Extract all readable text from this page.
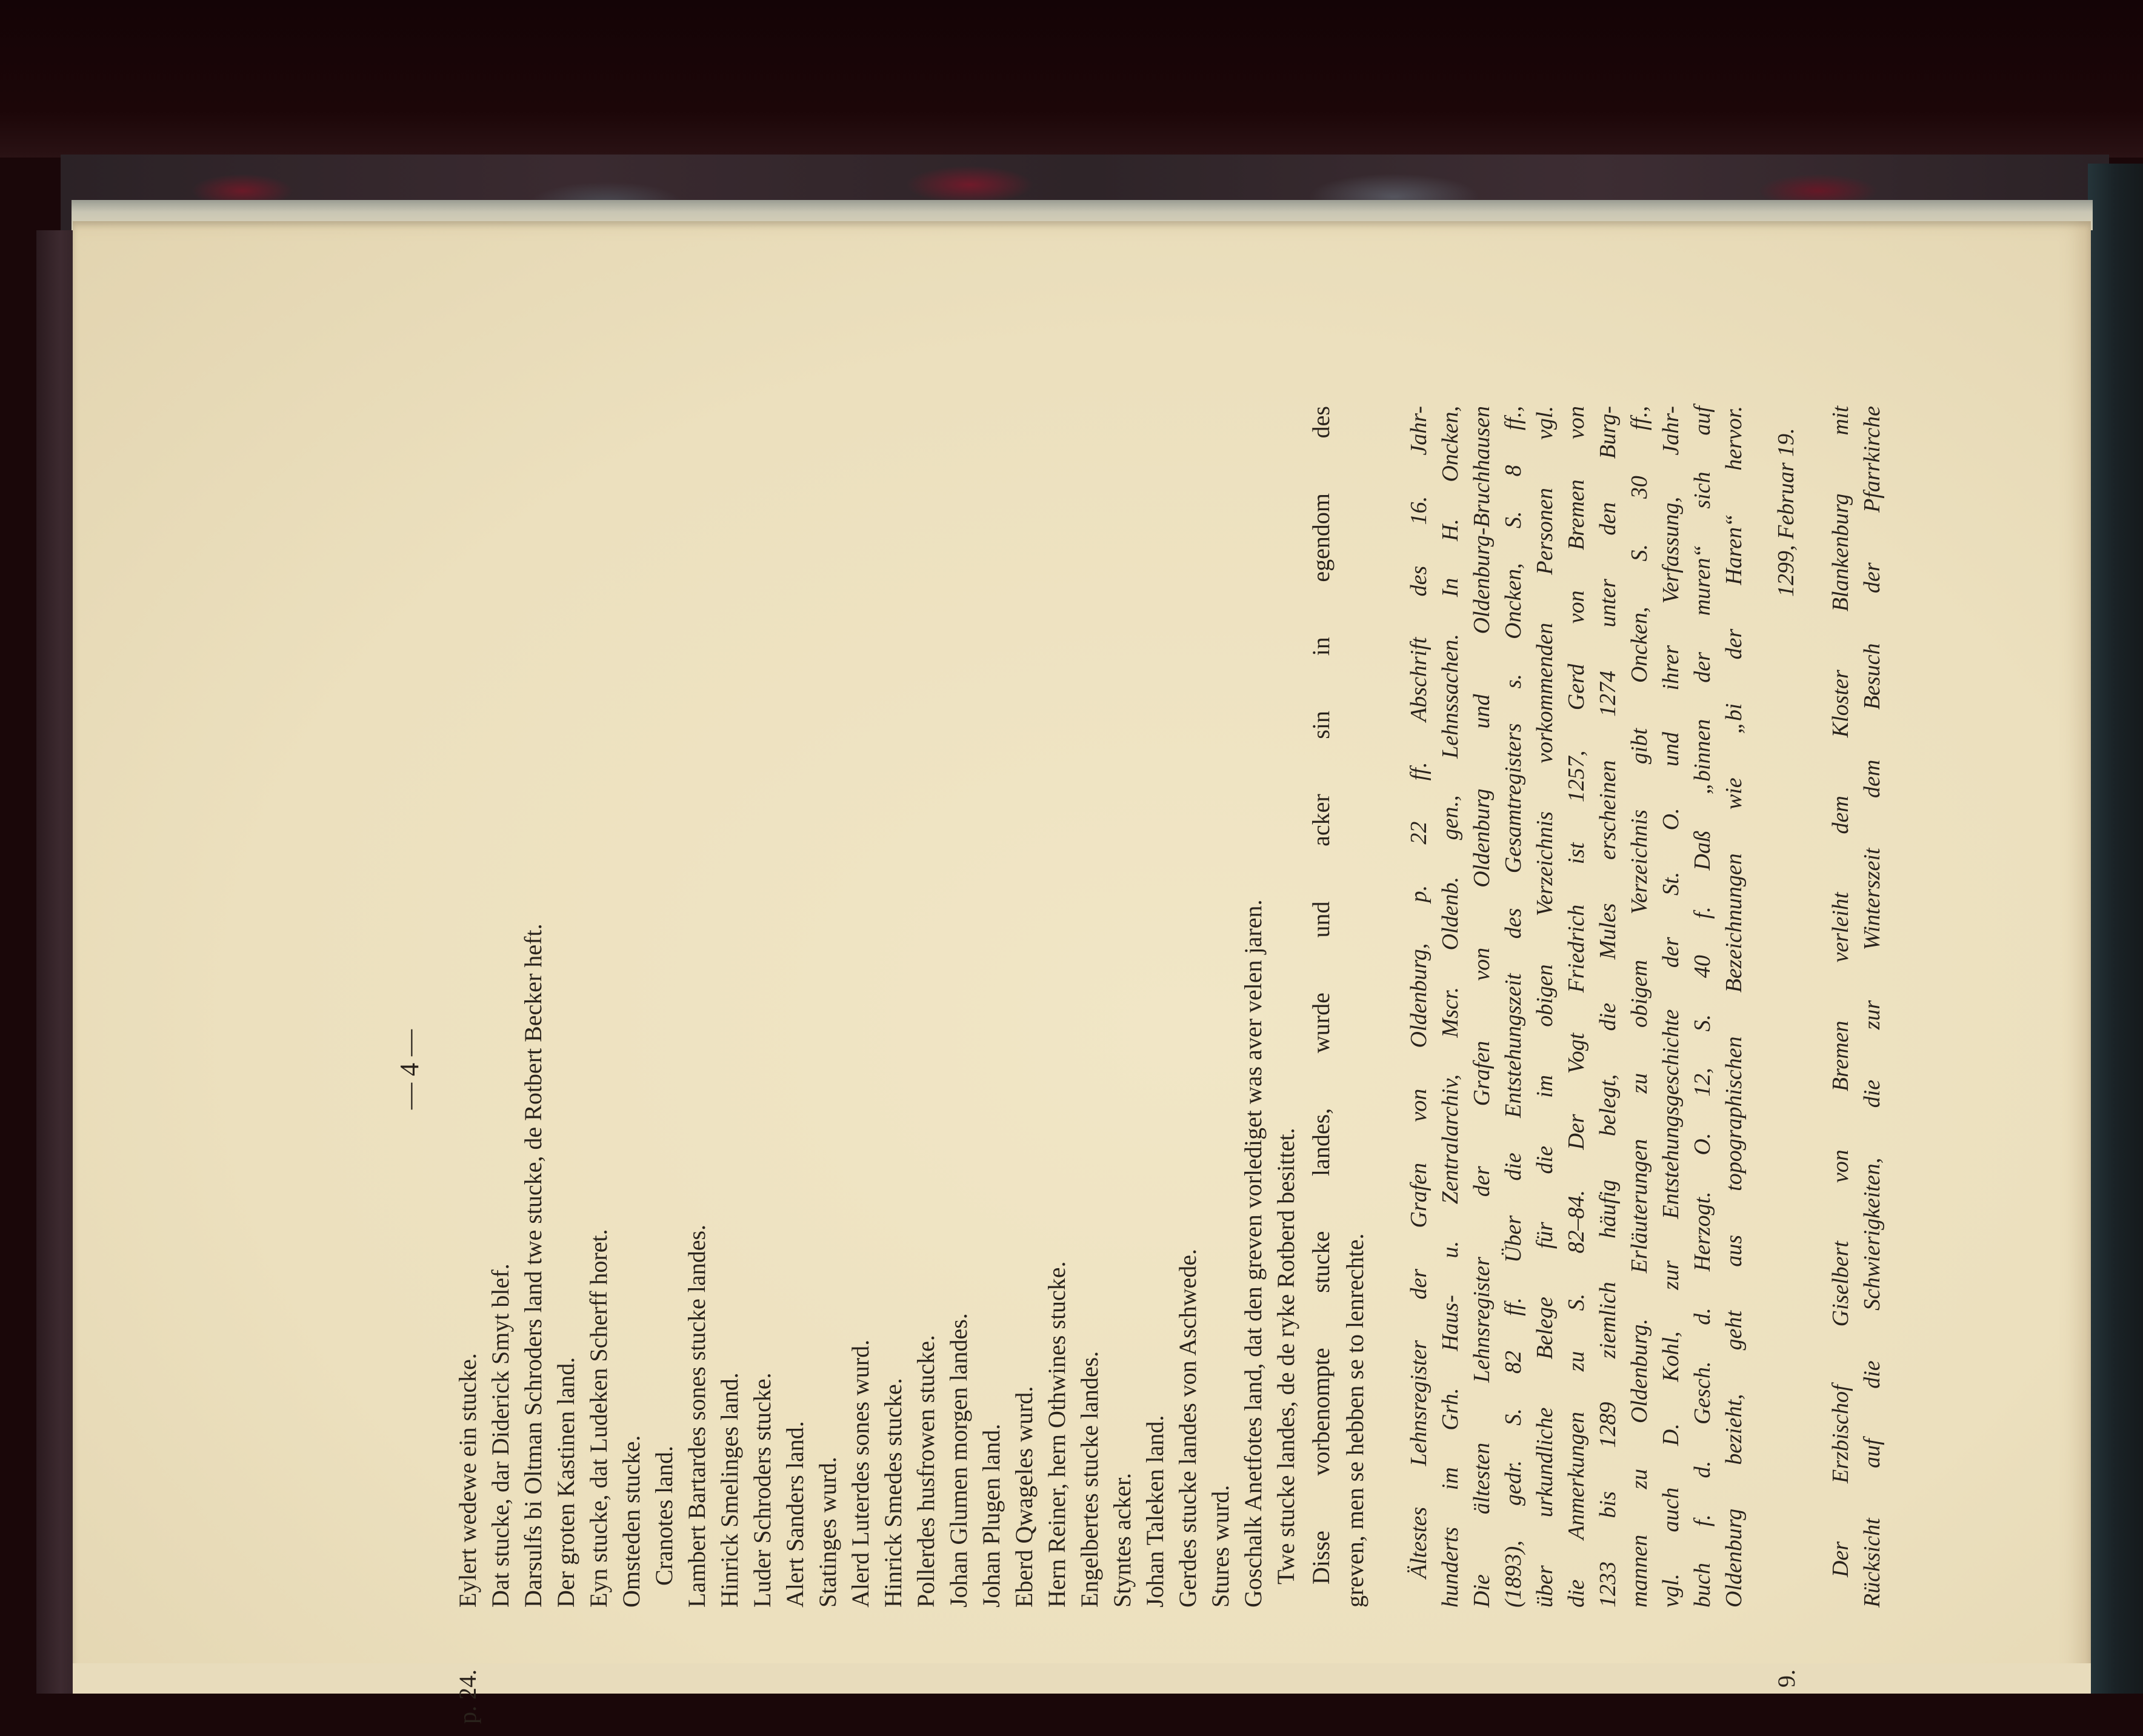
— 4 —
p. 24.
Eylert wedewe ein stucke. Dat stucke, dar Diderick Smyt blef. Darsulfs bi Oltman Schroders land twe stucke, de Rotbert Becker heft. Der groten Kastinen land. Eyn stucke, dat Ludeken Scherff horet. Omsteden stucke. Cranotes land. Lambert Bartardes sones stucke landes. Hinrick Smelinges land. Luder Schroders stucke. Alert Sanders land. Statinges wurd. Alerd Luterdes sones wurd. Hinrick Smedes stucke. Pollerdes husfrowen stucke. Johan Glumen morgen landes. Johan Plugen land. Eberd Qwageles wurd. Hern Reiner, hern Othwines stucke. Engelbertes stucke landes. Styntes acker. Johan Taleken land. Gerdes stucke landes von Aschwede. Stures wurd. Goschalk Anetfotes land, dat den greven vorlediget was aver velen jaren. Twe stucke landes, de de ryke Rotberd besittet. Disse vorbenompte stucke landes, wurde und acker sin in egendom des greven, men se hebben se to lenrechte. Ältestes Lehnsregister der Grafen von Oldenburg, p. 22 ff. Abschrift des 16. Jahr- hunderts im Grh. Haus- u. Zentralarchiv, Mscr. Oldenb. gen., Lehnssachen. In H. Oncken, Die ältesten Lehnsregister der Grafen von Oldenburg und Oldenburg-Bruchhausen (1893), gedr. S. 82 ff. Über die Entstehungszeit des Gesamtregisters s. Oncken, S. 8 ff., über urkundliche Belege für die im obigen Verzeichnis vorkommenden Personen vgl. die Anmerkungen zu S. 82–84. Der Vogt Friedrich ist 1257, Gerd von Bremen von 1233 bis 1289 ziemlich häufig belegt, die Mules erscheinen 1274 unter den Burg- mannen zu Oldenburg. Erläuterungen zu obigem Verzeichnis gibt Oncken, S. 30 ff., vgl. auch D. Kohl, zur Entstehungsgeschichte der St. O. und ihrer Verfassung, Jahr- buch f. d. Gesch. d. Herzogt. O. 12, S. 40 f. Daß „binnen der muren“ sich auf Oldenburg bezieht, geht aus topographischen Bezeichnungen wie „bi der Haren“ hervor.
9.
1299, Februar 19. Der Erzbischof Giselbert von Bremen verleiht dem Kloster Blankenburg mit Rücksicht auf die Schwierigkeiten, die zur Winterszeit dem Besuch der Pfarrkirche
